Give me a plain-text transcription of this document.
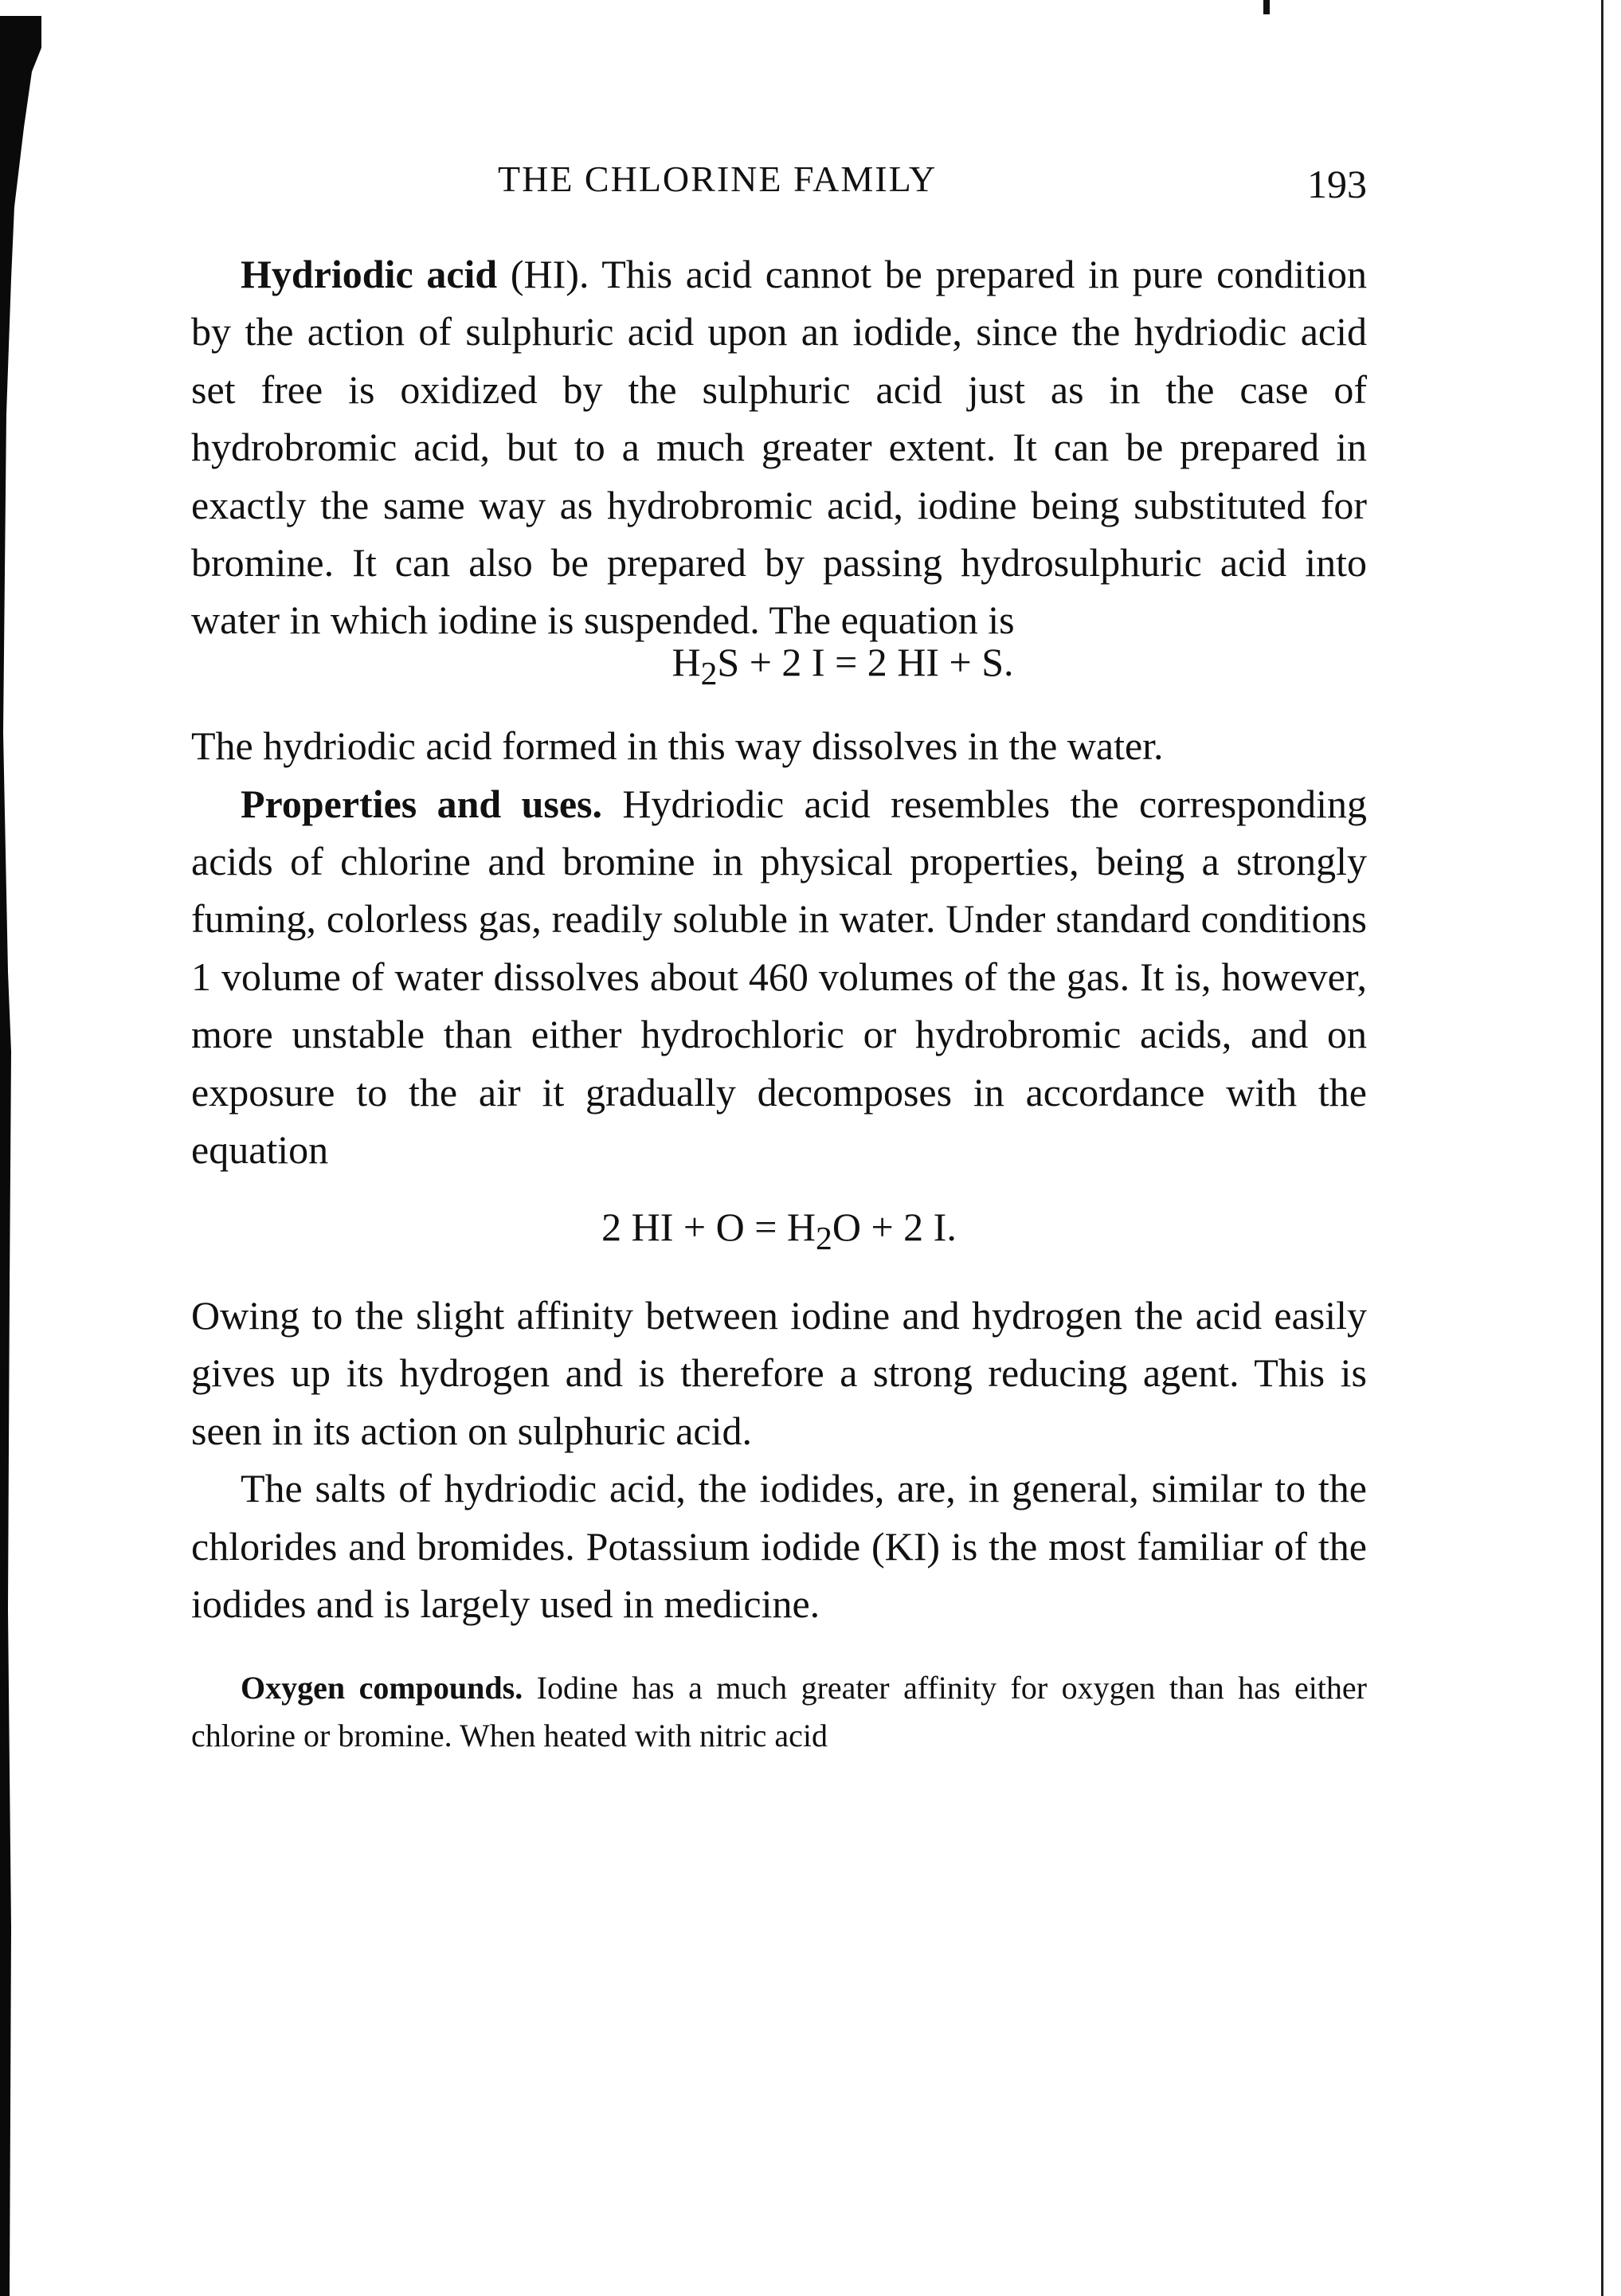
THE CHLORINE FAMILY	193

Hydriodic acid (HI). This acid cannot be prepared in pure condition by the action of sulphuric acid upon an iodide, since the hydriodic acid set free is oxidized by the sulphuric acid just as in the case of hydrobromic acid, but to a much greater extent. It can be prepared in exactly the same way as hydrobromic acid, iodine being substituted for bromine. It can also be prepared by passing hydrosulphuric acid into water in which iodine is suspended. The equation is

$H_2S + 2$ I = 2 HI + S.

The hydriodic acid formed in this way dissolves in the water.

Properties and uses. Hydriodic acid resembles the corresponding acids of chlorine and bromine in physical properties, being a strongly fuming, colorless gas, readily soluble in water. Under standard conditions 1 volume of water dissolves about 460 volumes of the gas. It is, however, more unstable than either hydrochloric or hydrobromic acids, and on exposure to the air it gradually decomposes in accordance with the equation

2 HI + $O = H_2O + 2$ I.

Owing to the slight affinity between iodine and hydrogen the acid easily gives up its hydrogen and is therefore a strong reducing agent. This is seen in its action on sulphuric acid.

The salts of hydriodic acid, the iodides, are, in general, similar to the chlorides and bromides. Potassium iodide (KI) is the most familiar of the iodides and is largely used in medicine.

Oxygen compounds. Iodine has a much greater affinity for oxygen than has either chlorine or bromine. When heated with nitric acid
